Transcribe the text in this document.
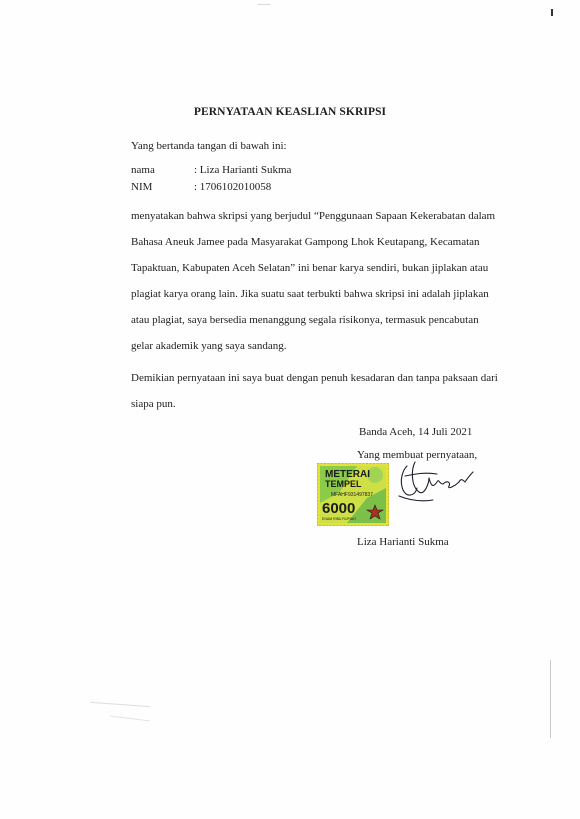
PERNYATAAN KEASLIAN SKRIPSI
Yang bertanda tangan di bawah ini:
nama	: Liza Harianti Sukma
NIM	: 1706102010058
menyatakan bahwa skripsi yang berjudul “Penggunaan Sapaan Kekerabatan dalam
Bahasa Aneuk Jamee pada Masyarakat Gampong Lhok Keutapang, Kecamatan
Tapaktuan, Kabupaten Aceh Selatan” ini benar karya sendiri, bukan jiplakan atau
plagiat karya orang lain. Jika suatu saat terbukti bahwa skripsi ini adalah jiplakan
atau plagiat, saya bersedia menanggung segala risikonya, termasuk pencabutan
gelar akademik yang saya sandang.
Demikian pernyataan ini saya buat dengan penuh kesadaran dan tanpa paksaan dari
siapa pun.
Banda Aceh, 14 Juli 2021
Yang membuat pernyataan,
METERAI
TEMPEL
MFAHF931497837
6000
ENAM RIBU RUPIAH
Liza Harianti Sukma
